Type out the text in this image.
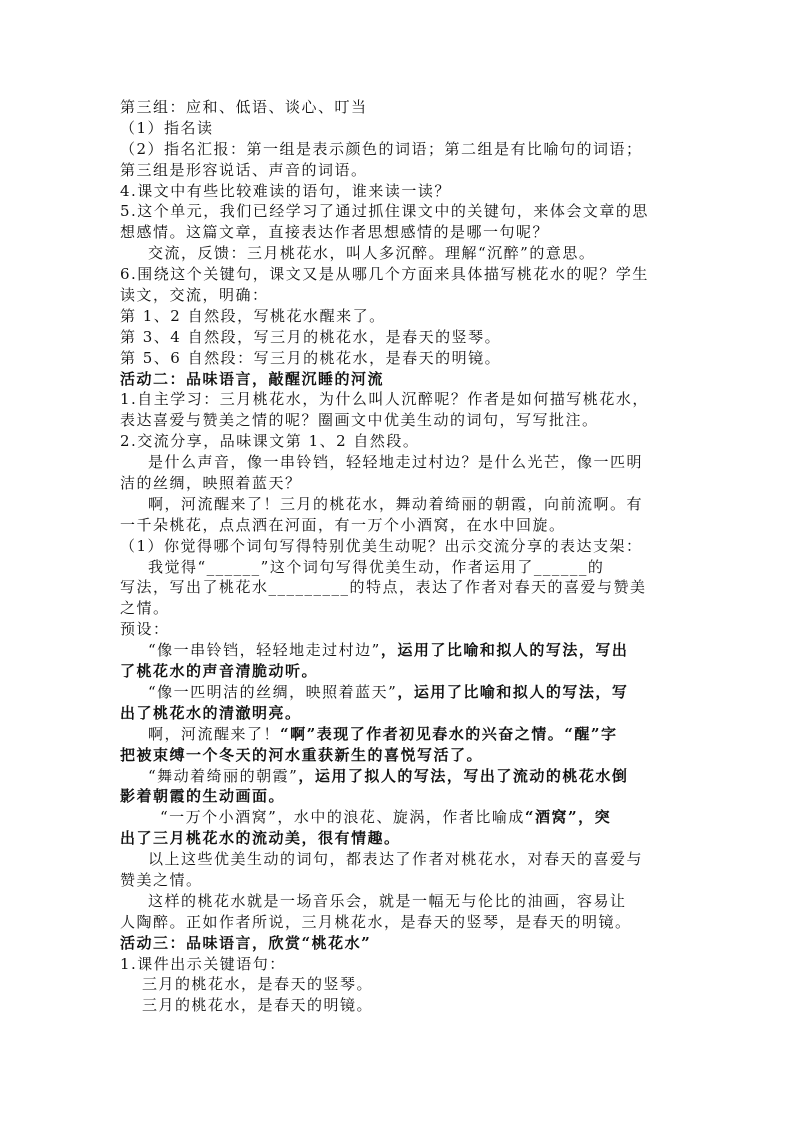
第三组：应和、低语、谈心、叮当
（1）指名读
（2）指名汇报：第一组是表示颜色的词语；第二组是有比喻句的词语；
第三组是形容说话、声音的词语。
4.课文中有些比较难读的语句，谁来读一读？
5.这个单元，我们已经学习了通过抓住课文中的关键句，来体会文章的思
想感情。这篇文章，直接表达作者思想感情的是哪一句呢？
交流，反馈：三月桃花水，叫人多沉醉。理解“沉醉”的意思。
6.围绕这个关键句，课文又是从哪几个方面来具体描写桃花水的呢？学生
读文，交流，明确：
第 1、2 自然段，写桃花水醒来了。
第 3、4 自然段，写三月的桃花水，是春天的竖琴。
第 5、6 自然段：写三月的桃花水，是春天的明镜。
活动二：品味语言，敲醒沉睡的河流
1.自主学习：三月桃花水，为什么叫人沉醉呢？作者是如何描写桃花水，
表达喜爱与赞美之情的呢？圈画文中优美生动的词句，写写批注。
2.交流分享，品味课文第 1、2 自然段。
是什么声音，像一串铃铛，轻轻地走过村边？是什么光芒，像一匹明
洁的丝绸，映照着蓝天？
啊，河流醒来了！三月的桃花水，舞动着绮丽的朝霞，向前流啊。有
一千朵桃花，点点洒在河面，有一万个小酒窝，在水中回旋。
（1）你觉得哪个词句写得特别优美生动呢？出示交流分享的表达支架：
我觉得“______”这个词句写得优美生动，作者运用了______的
写法，写出了桃花水_________的特点，表达了作者对春天的喜爱与赞美
之情。
预设：
“像一串铃铛，轻轻地走过村边”，运用了比喻和拟人的写法，写出
了桃花水的声音清脆动听。
“像一匹明洁的丝绸，映照着蓝天”，运用了比喻和拟人的写法，写
出了桃花水的清澈明亮。
啊，河流醒来了！“啊”表现了作者初见春水的兴奋之情。“醒”字
把被束缚一个冬天的河水重获新生的喜悦写活了。
“舞动着绮丽的朝霞”，运用了拟人的写法，写出了流动的桃花水倒
影着朝霞的生动画面。
“一万个小酒窝”，水中的浪花、旋涡，作者比喻成“酒窝”，突
出了三月桃花水的流动美，很有情趣。
以上这些优美生动的词句，都表达了作者对桃花水，对春天的喜爱与
赞美之情。
这样的桃花水就是一场音乐会，就是一幅无与伦比的油画，容易让
人陶醉。正如作者所说，三月桃花水，是春天的竖琴，是春天的明镜。
活动三：品味语言，欣赏“桃花水”
1.课件出示关键语句：
三月的桃花水，是春天的竖琴。
三月的桃花水，是春天的明镜。
